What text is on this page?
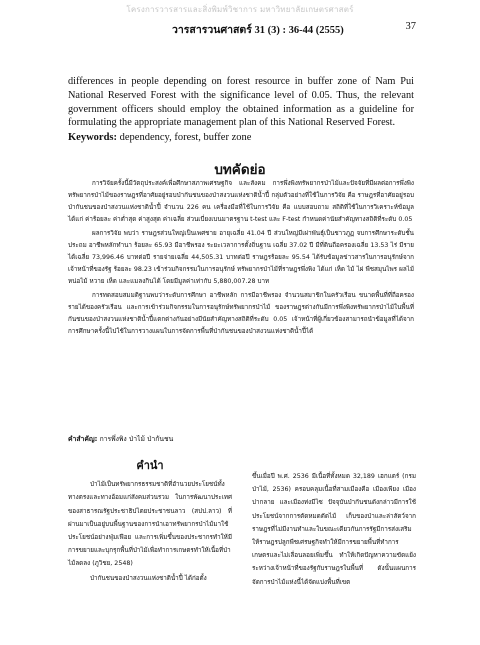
โครงการวารสารและสิ่งพิมพ์วิชาการ มหาวิทยาลัยเกษตรศาสตร์
วารสารวนศาสตร์ 31 (3) : 36-44 (2555)	37
differences in people depending on forest resource in buffer zone of Nam Pui National Reserved Forest with the significance level of 0.05. Thus, the relevant government officers should employ the obtained information as a guideline for formulating the appropriate management plan of this National Reserved Forest.
Keywords: dependency, forest, buffer zone
บทคัดย่อ

การวิจัยครั้งนี้มีวัตถุประสงค์เพื่อศึกษาสภาพเศรษฐกิจ และสังคม การพึ่งพิงทรัพยากรป่าไม้และปัจจัยที่มีผลต่อการพึ่งพิงทรัพยากรป่าไม้ของราษฎรที่อาศัยอยู่รอบป่ากันชนของป่าสงวนแห่งชาติน้ำปี้ กลุ่มตัวอย่างที่ใช้ในการวิจัย คือ ราษฎรที่อาศัยอยู่รอบป่ากันชนของป่าสงวนแห่งชาติน้ำปี้ จำนวน 226 คน เครื่องมือที่ใช้ในการวิจัย คือ แบบสอบถาม สถิติที่ใช้ในการวิเคราะห์ข้อมูล ได้แก่ ค่าร้อยละ ค่าต่ำสุด ค่าสูงสุด ค่าเฉลี่ย ส่วนเบี่ยงเบนมาตรฐาน t-test และ F-test กำหนดค่านัยสำคัญทางสถิติที่ระดับ 0.05

ผลการวิจัย พบว่า ราษฎรส่วนใหญ่เป็นเพศชาย อายุเฉลี่ย 41.04 ปี ส่วนใหญ่มีเผ่าพันธุ์เป็นชาวภูฏ จบการศึกษาระดับชั้นประถม อาชีพหลักทำนา ร้อยละ 65.93 มีอาชีพรอง ระยะเวลาการตั้งถิ่นฐาน เฉลี่ย 37.02 ปี มีที่ดินถือครองเฉลี่ย 13.53 ไร่ มีรายได้เฉลี่ย 73,996.46 บาทต่อปี รายจ่ายเฉลี่ย 44,505.31 บาทต่อปี ราษฎรร้อยละ 95.54 ได้รับข้อมูลข่าวสารในการอนุรักษ์จากเจ้าหน้าที่ของรัฐ ร้อยละ 98.23 เข้าร่วมกิจกรรมในการอนุรักษ์ ทรัพยากรป่าไม้ที่ราษฎรพึ่งพิง ได้แก่ เห็ด ไม้ ไผ่ พืชสมุนไพร ผลไม้ หน่อไม้ หวาย เห็ด และแมลงกินได้ โดยมีมูลค่าเท่ากับ 5,880,007.28 บาท

การทดสอบสมมติฐานพบว่าระดับการศึกษา อาชีพหลัก การมีอาชีพรอง จำนวนสมาชิกในครัวเรือน ขนาดพื้นที่ที่ถือครอง รายได้ของครัวเรือน และการเข้าร่วมกิจกรรมในการอนุรักษ์ทรัพยากรป่าไม้ ของราษฎรต่างกันมีการพึ่งพิงทรัพยากรป่าไม้ในพื้นที่กันชนของป่าสงวนแห่งชาติน้ำปี้แตกต่างกันอย่างมีนัยสำคัญทางสถิติที่ระดับ 0.05 เจ้าหน้าที่ผู้เกี่ยวข้องสามารถนำข้อมูลที่ได้จากการศึกษาครั้งนี้ไปใช้ในการวางแผนในการจัดการพื้นที่ป่ากันชนของป่าสงวนแห่งชาติน้ำปี้ได้

คำสำคัญ: การพึ่งพิง ป่าไม้ ป่ากันชน
คำนำ

ป่าไม้เป็นทรัพยากรธรรมชาติที่อำนวยประโยชน์ทั้งทางตรงและทางอ้อมแก่สังคมส่วนรวม ในการพัฒนาประเทศของสาธารณรัฐประชาธิปไตยประชาชนลาว (สปป.ลาว) ที่ผ่านมาเป็นอยู่บนพื้นฐานของการนำเอาทรัพยากรป่าไม้มาใช้ประโยชน์อย่างฟุ่มเฟือย และการเพิ่มขึ้นของประชากรทำให้มีการขยายและบุกรุกพื้นที่ป่าไม้เพื่อทำการเกษตรทำให้เนื้อที่ป่าไม้ลดลง (ภูวิชย, 2548)

ป่ากันชนของป่าสงวนแห่งชาติน้ำปี้ ได้ก่อตั้ง

ขึ้นเมื่อปี พ.ศ. 2536 มีเนื้อที่ทั้งหมด 32,189 เฮกแตร์ (กรมป่าไม้, 2536) ครอบคลุมเนื้อที่สามเมืองคือ เมืองเพียง เมืองปากลาย และเมืองท่งมีไซ ปัจจุบันป่ากันชนดังกล่าวมีการใช้ประโยชน์จากการตัดหมดตัดไม้ เก็บของป่าและล่าสัตว์จากราษฎรที่ไม่มีงานทำและในขณะเดียวกันการรัฐมีการส่งเสริมให้ราษฎรปลูกพืชเศรษฐกิจทำให้มีการขยายพื้นที่ทำการเกษตรและไม่เลื่อนลอยเพิ่มขึ้น ทำให้เกิดปัญหาความขัดแย้งระหว่างเจ้าหน้าที่ของรัฐกับราษฎรในพื้นที่ ดังนั้นแผนการจัดการป่าไม้แห่งนี้ได้จัดแบ่งพื้นที่เขต
